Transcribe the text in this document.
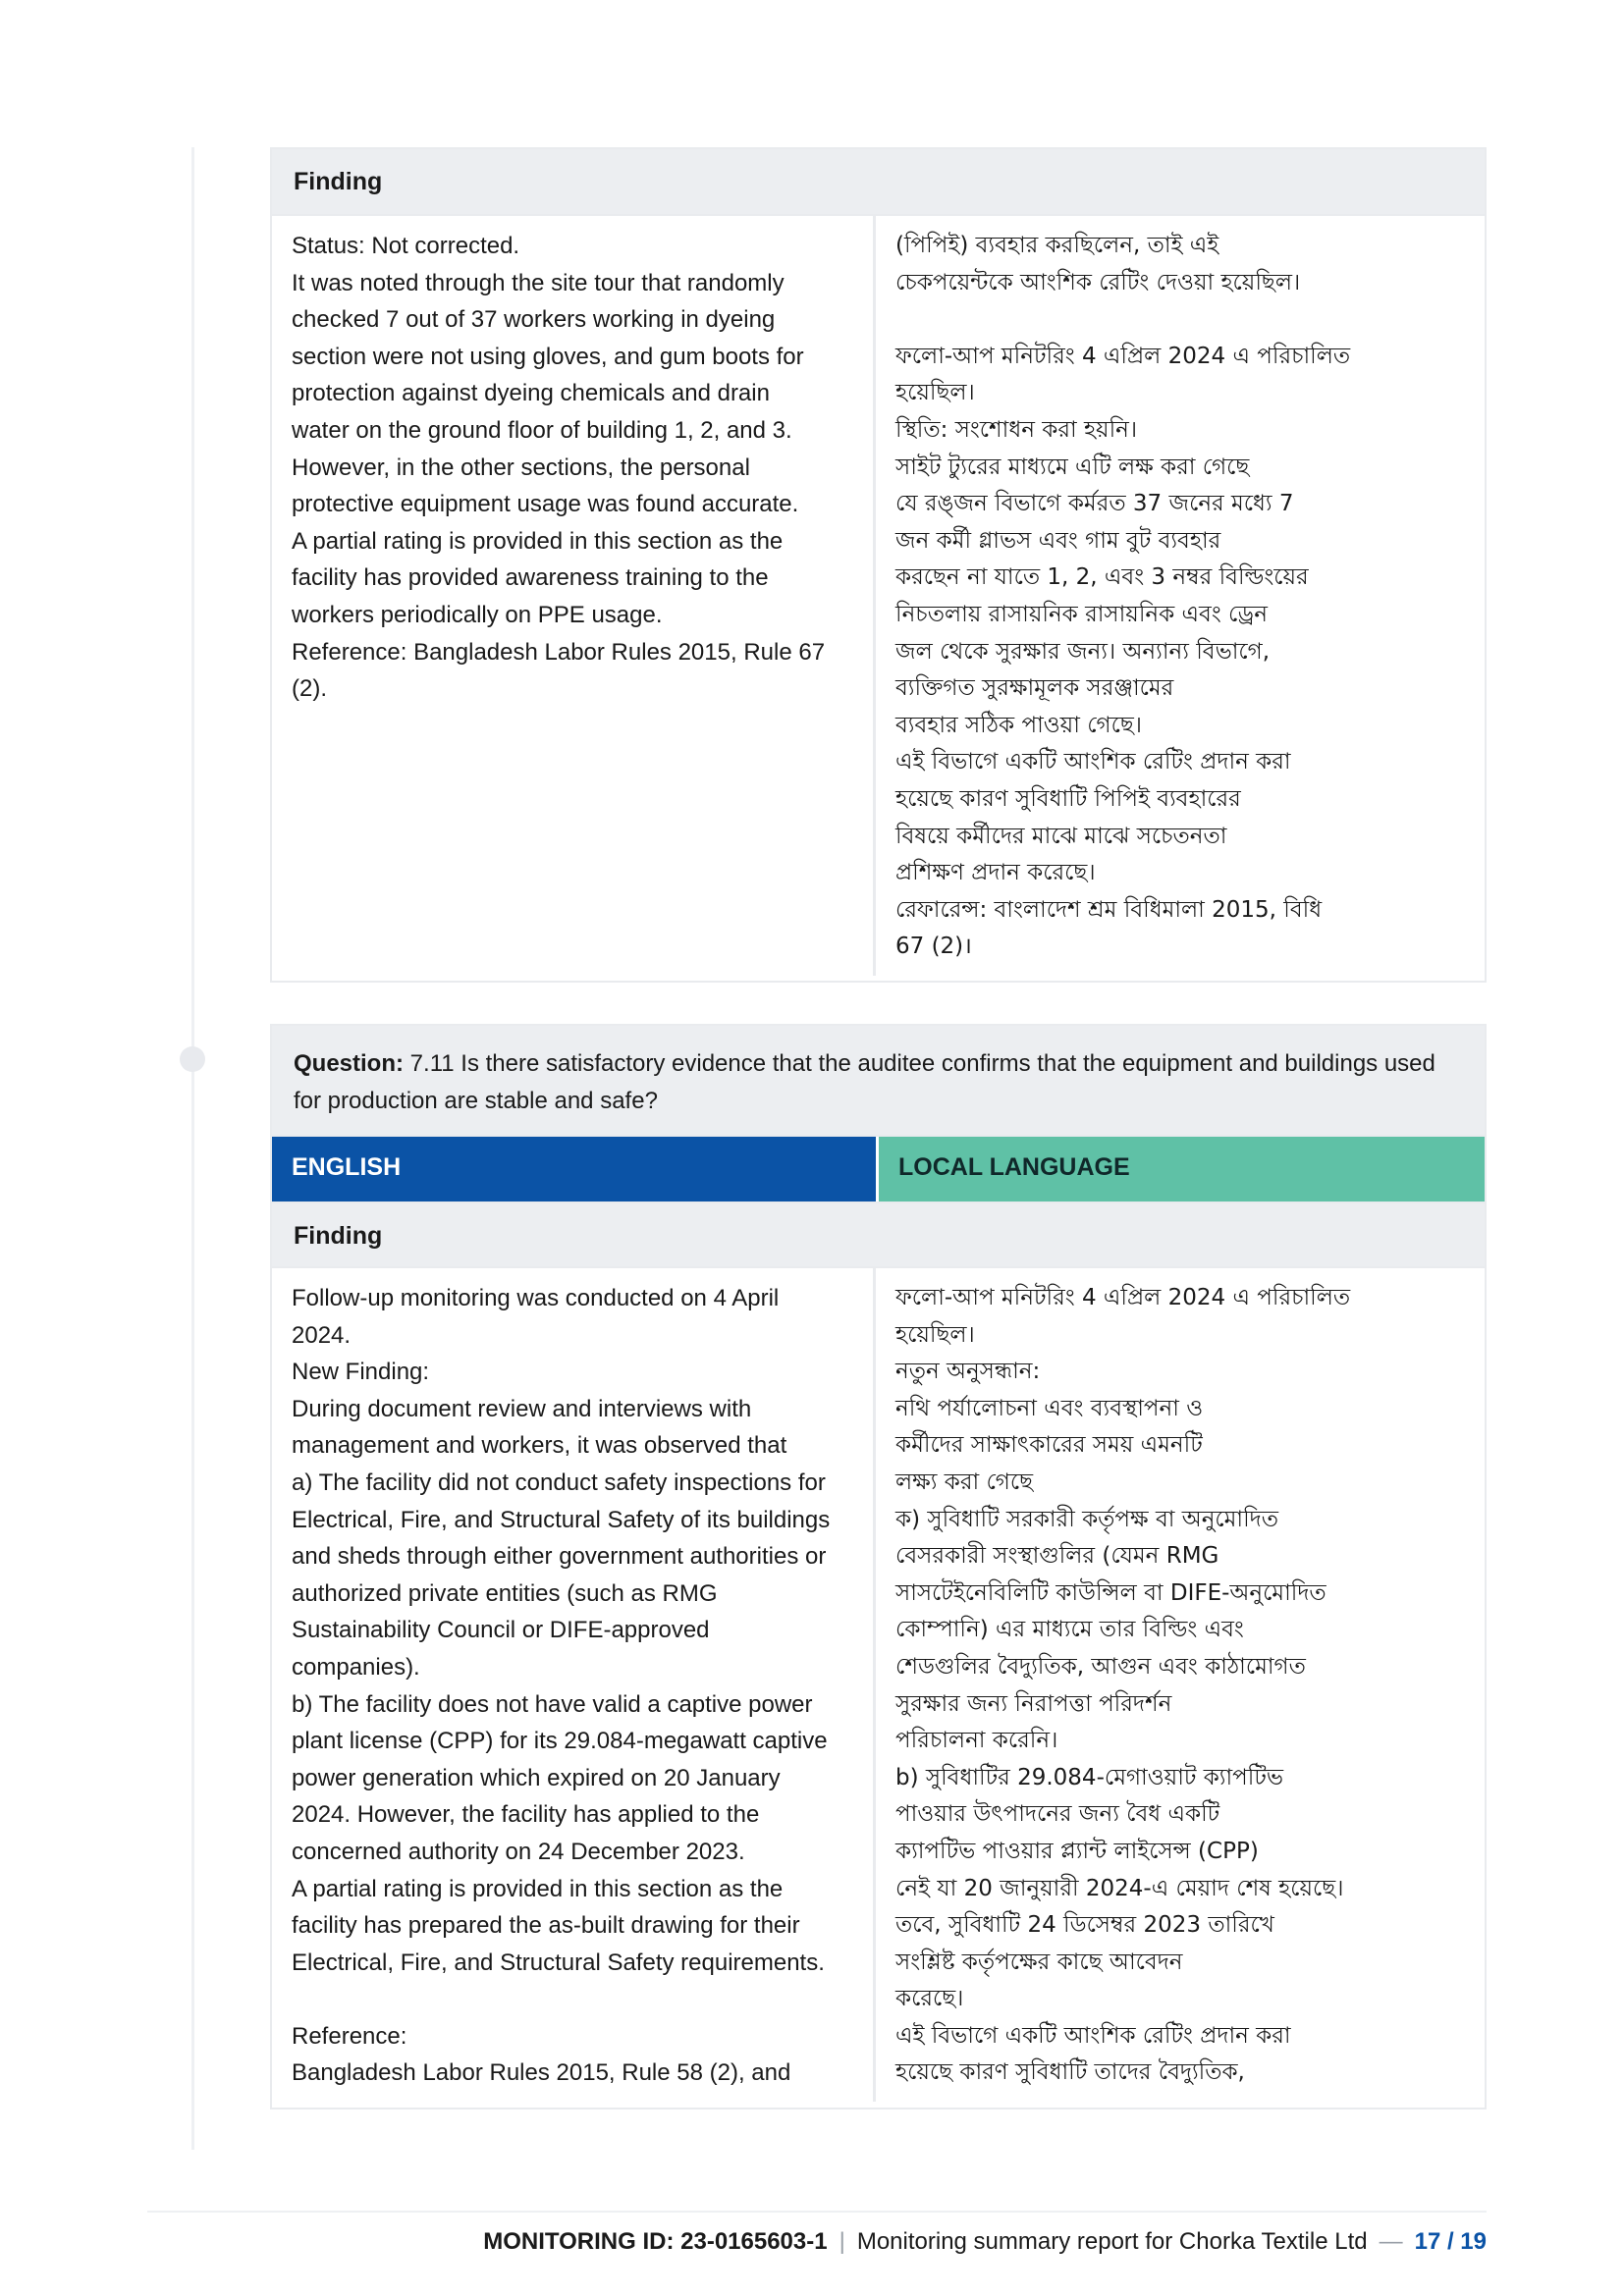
Finding
Status: Not corrected.
It was noted through the site tour that randomly
checked 7 out of 37 workers working in dyeing
section were not using gloves, and gum boots for
protection against dyeing chemicals and drain
water on the ground floor of building 1, 2, and 3.
However, in the other sections, the personal
protective equipment usage was found accurate.
A partial rating is provided in this section as the
facility has provided awareness training to the
workers periodically on PPE usage.
Reference: Bangladesh Labor Rules 2015, Rule 67
(2).
(পিপিই) ব্যবহার করছিলেন, তাই এই
চেকপয়েন্টকে আংশিক রেটিং দেওয়া হয়েছিল।
ফলো-আপ মনিটরিং 4 এপ্রিল 2024 এ পরিচালিত
হয়েছিল।
স্থিতি: সংশোধন করা হয়নি।
সাইট ট্যুরের মাধ্যমে এটি লক্ষ করা গেছে
যে রঙ্জন বিভাগে কর্মরত 37 জনের মধ্যে 7
জন কর্মী গ্লাভস এবং গাম বুট ব্যবহার
করছেন না যাতে 1, 2, এবং 3 নম্বর বিল্ডিংয়ের
নিচতলায় রাসায়নিক রাসায়নিক এবং ড্রেন
জল থেকে সুরক্ষার জন্য। অন্যান্য বিভাগে,
ব্যক্তিগত সুরক্ষামূলক সরঞ্জামের
ব্যবহার সঠিক পাওয়া গেছে।
এই বিভাগে একটি আংশিক রেটিং প্রদান করা
হয়েছে কারণ সুবিধাটি পিপিই ব্যবহারের
বিষয়ে কর্মীদের মাঝে মাঝে সচেতনতা
প্রশিক্ষণ প্রদান করেছে।
রেফারেন্স: বাংলাদেশ শ্রম বিধিমালা 2015, বিধি
67 (2)।
Question: 7.11 Is there satisfactory evidence that the auditee confirms that the equipment and buildings used for production are stable and safe?
ENGLISH	LOCAL LANGUAGE
Finding
Follow-up monitoring was conducted on 4 April
2024.
New Finding:
During document review and interviews with
management and workers, it was observed that
a) The facility did not conduct safety inspections for
Electrical, Fire, and Structural Safety of its buildings
and sheds through either government authorities or
authorized private entities (such as RMG
Sustainability Council or DIFE-approved
companies).
b) The facility does not have valid a captive power
plant license (CPP) for its 29.084-megawatt captive
power generation which expired on 20 January
2024. However, the facility has applied to the
concerned authority on 24 December 2023.
A partial rating is provided in this section as the
facility has prepared the as-built drawing for their
Electrical, Fire, and Structural Safety requirements.
Reference:
Bangladesh Labor Rules 2015, Rule 58 (2), and
ফলো-আপ মনিটরিং 4 এপ্রিল 2024 এ পরিচালিত
হয়েছিল।
নতুন অনুসন্ধান:
নথি পর্যালোচনা এবং ব্যবস্থাপনা ও
কর্মীদের সাক্ষাৎকারের সময় এমনটি
লক্ষ্য করা গেছে
ক) সুবিধাটি সরকারী কর্তৃপক্ষ বা অনুমোদিত
বেসরকারী সংস্থাগুলির (যেমন RMG
সাসটেইনেবিলিটি কাউন্সিল বা DIFE-অনুমোদিত
কোম্পানি) এর মাধ্যমে তার বিল্ডিং এবং
শেডগুলির বৈদ্যুতিক, আগুন এবং কাঠামোগত
সুরক্ষার জন্য নিরাপত্তা পরিদর্শন
পরিচালনা করেনি।
b) সুবিধাটির 29.084-মেগাওয়াট ক্যাপটিভ
পাওয়ার উৎপাদনের জন্য বৈধ একটি
ক্যাপটিভ পাওয়ার প্ল্যান্ট লাইসেন্স (CPP)
নেই যা 20 জানুয়ারী 2024-এ মেয়াদ শেষ হয়েছে।
তবে, সুবিধাটি 24 ডিসেম্বর 2023 তারিখে
সংশ্লিষ্ট কর্তৃপক্ষের কাছে আবেদন
করেছে।
এই বিভাগে একটি আংশিক রেটিং প্রদান করা
হয়েছে কারণ সুবিধাটি তাদের বৈদ্যুতিক,
MONITORING ID: 23-0165603-1 | Monitoring summary report for Chorka Textile Ltd — 17 / 19
